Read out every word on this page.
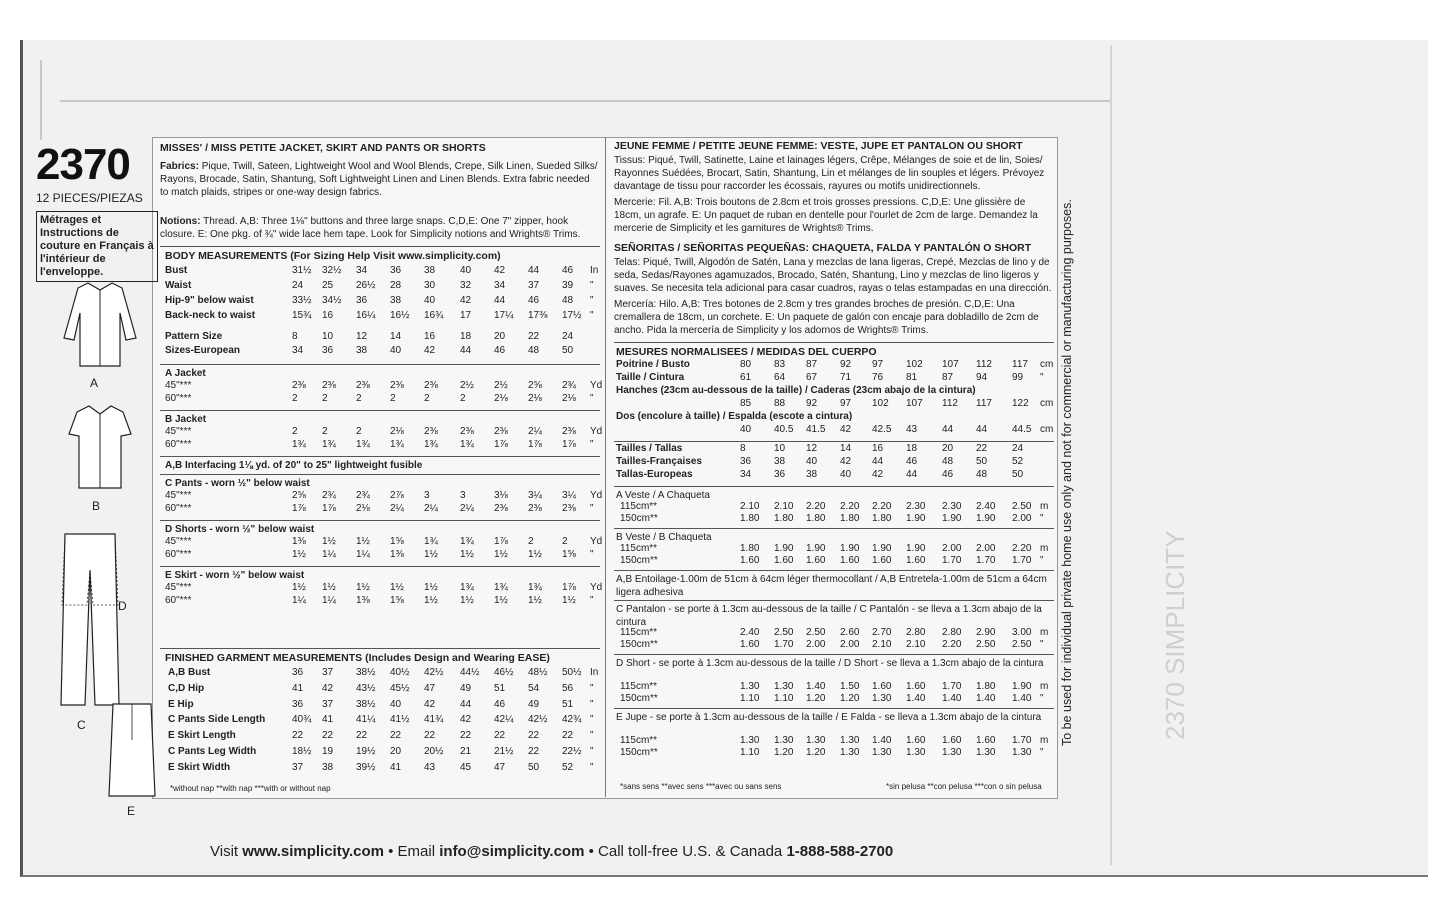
2370
12 PIECES/PIEZAS
Métrages et Instructions de couture en Français à l'intérieur de l'enveloppe.
A
B
D
C
E
MISSES' / MISS PETITE JACKET, SKIRT AND PANTS OR SHORTS
Fabrics: Pique, Twill, Sateen, Lightweight Wool and Wool Blends, Crepe, Silk Linen, Sueded Silks/ Rayons, Brocade, Satin, Shantung, Soft Lightweight Linen and Linen Blends. Extra fabric needed to match plaids, stripes or one-way design fabrics.
Notions: Thread. A,B: Three 1⅛" buttons and three large snaps. C,D,E: One 7" zipper, hook closure. E: One pkg. of ¾" wide lace hem tape. Look for Simplicity notions and Wrights® Trims.
BODY MEASUREMENTS (For Sizing Help Visit www.simplicity.com)
Bust	31½ 32½ 34 36 38 40 42 44 46 In
Waist	24 25 26½ 28 30 32 34 37 39 "
Hip-9" below waist	33½ 34½ 36 38 40 42 44 46 48 "
Back-neck to waist	15¾ 16 16¼ 16½ 16¾ 17 17¼ 17⅜ 17½ "
Pattern Size	8 10 12 14 16 18 20 22 24
Sizes-European	34 36 38 40 42 44 46 48 50
A Jacket
45"***	2⅜ 2⅜ 2⅜ 2⅜ 2⅜ 2½ 2½ 2⅝ 2¾ Yd
60"***	2 2	2	2	2	2	2⅛ 2⅛ 2⅛ "
B Jacket
45"***	2 2	2	2⅛ 2⅜ 2⅜ 2⅜ 2¼ 2⅜ Yd
60"***	1¾ 1¾ 1¾ 1¾ 1¾ 1¾ 1⅞ 1⅞ 1⅞ "
A,B Interfacing 1⅛ yd. of 20" to 25" lightweight fusible
C Pants - worn ½" below waist
45"***	2⅝ 2¾ 2¾ 2⅞ 3	3	3⅛ 3¼ 3¼ Yd
60"***	1⅞ 1⅞ 2⅛ 2¼ 2¼ 2¼ 2⅜ 2⅜ 2⅜ "
D Shorts - worn ½" below waist
45"***	1⅜ 1½ 1½ 1⅝ 1¾ 1¾ 1⅞ 2	2 Yd
60"***	1½ 1¼ 1¼ 1⅜ 1½ 1½ 1½ 1½ 1⅝ "
E Skirt - worn ½" below waist
45"***	1½ 1½ 1½ 1½ 1½ 1¾ 1¾ 1¾ 1⅞ Yd
60"***	1¼ 1¼ 1⅜ 1⅝ 1½ 1½ 1½ 1½ 1½ "
A,B Bust	36 37 38½ 40½ 42½ 44½ 46½ 48½ 50½ In
C,D Hip	41 42 43½ 45½ 47 49 51 54 56 "
E Hip	36 37 38½ 40 42 44 46 49 51 "
C Pants Side Length	40¾ 41 41¼ 41½ 41¾ 42 42¼ 42½ 42¾ "
E Skirt Length	22 22 22 22 22 22 22 22 22 "
C Pants Leg Width	18½ 19 19½ 20 20½ 21 21½ 22 22½ "
E Skirt Width	37 38 39½ 41 43 45 47 50 52 "
FINISHED GARMENT MEASUREMENTS (Includes Design and Wearing EASE)
*without nap **with nap ***with or without nap
JEUNE FEMME / PETITE JEUNE FEMME: VESTE, JUPE ET PANTALON OU SHORT
Tissus: Piqué, Twill, Satinette, Laine et lainages légers, Crêpe, Mélanges de soie et de lin, Soies/ Rayonnes Suédées, Brocart, Satin, Shantung, Lin et mélanges de lin souples et légers. Prévoyez davantage de tissu pour raccorder les écossais, rayures ou motifs unidirectionnels.
Mercerie: Fil. A,B: Trois boutons de 2.8cm et trois grosses pressions. C,D,E: Une glissière de 18cm, un agrafe. E: Un paquet de ruban en dentelle pour l'ourlet de 2cm de large. Demandez la mercerie de Simplicity et les garnitures de Wrights® Trims.
SEÑORITAS / SEÑORITAS PEQUEÑAS: CHAQUETA, FALDA Y PANTALÓN O SHORT
Telas: Piqué, Twill, Algodón de Satén, Lana y mezclas de lana ligeras, Crepé, Mezclas de lino y de seda, Sedas/Rayones agamuzados, Brocado, Satén, Shantung, Lino y mezclas de lino ligeros y suaves. Se necesita tela adicional para casar cuadros, rayas o telas estampadas en una dirección.
Mercería: Hilo. A,B: Tres botones de 2.8cm y tres grandes broches de presión. C,D,E: Una cremallera de 18cm, un corchete. E: Un paquete de galón con encaje para dobladillo de 2cm de ancho. Pida la mercería de Simplicity y los adornos de Wrights® Trims.
MESURES NORMALISEES / MEDIDAS DEL CUERPO
Poitrine / Busto	80 83 87 92 97 102 107 112 117 cm
Taille / Cintura	61 64 67 71 76 81 87 94 99 "
Hanches (23cm au-dessous de la taille) / Caderas (23cm abajo de la cintura)
85 88 92 97 102 107 112 117 122 cm
Dos (encolure à taille) / Espalda (escote a cintura)
40 40.5 41.5 42 42.5 43 44 44 44.5 cm
Tailles / Tallas	8	10 12 14 16 18 20 22 24
Tailles-Françaises	36 38 40 42 44 46 48 50 52
Tallas-Europeas	34 36 38 40 42 44 46 48 50
A Veste / A Chaqueta
115cm**	2.10 2.10 2.20 2.20 2.20 2.30 2.30 2.40 2.50 m
150cm**	1.80 1.80 1.80 1.80 1.80 1.90 1.90 1.90 2.00 "
B Veste / B Chaqueta
115cm**	1.80 1.90 1.90 1.90 1.90 1.90 2.00 2.00 2.20 m
150cm**	1.60 1.60 1.60 1.60 1.60 1.60 1.70 1.70 1.70 "
A,B Entoilage-1.00m de 51cm à 64cm léger thermocollant / A,B Entretela-1.00m de 51cm a 64cm ligera adhesiva
C Pantalon - se porte à 1.3cm au-dessous de la taille / C Pantalón - se lleva a 1.3cm abajo de la cintura
115cm**	2.40 2.50 2.50 2.60 2.70 2.80 2.80 2.90 3.00 m
150cm**	1.60 1.70 2.00 2.00 2.10 2.10 2.20 2.50 2.50 "
D Short - se porte à 1.3cm au-dessous de la taille / D Short - se lleva a 1.3cm abajo de la cintura
115cm**	1.30 1.30 1.40 1.50 1.60 1.60 1.70 1.80 1.90 m
150cm**	1.10 1.10 1.20 1.20 1.30 1.40 1.40 1.40 1.40 "
E Jupe - se porte à 1.3cm au-dessous de la taille / E Falda - se lleva a 1.3cm abajo de la cintura
115cm**	1.30 1.30 1.30 1.30 1.40 1.60 1.60 1.60 1.70 m
150cm**	1.10 1.20 1.20 1.30 1.30 1.30 1.30 1.30 1.30 "
*sans sens **avec sens ***avec ou sans sens	*sin pelusa **con pelusa ***con o sin pelusa
Visit www.simplicity.com • Email info@simplicity.com • Call toll-free U.S. & Canada 1-888-588-2700
To be used for individual private home use only and not for commercial or manufacturing purposes.	2370 SIMPLICITY
